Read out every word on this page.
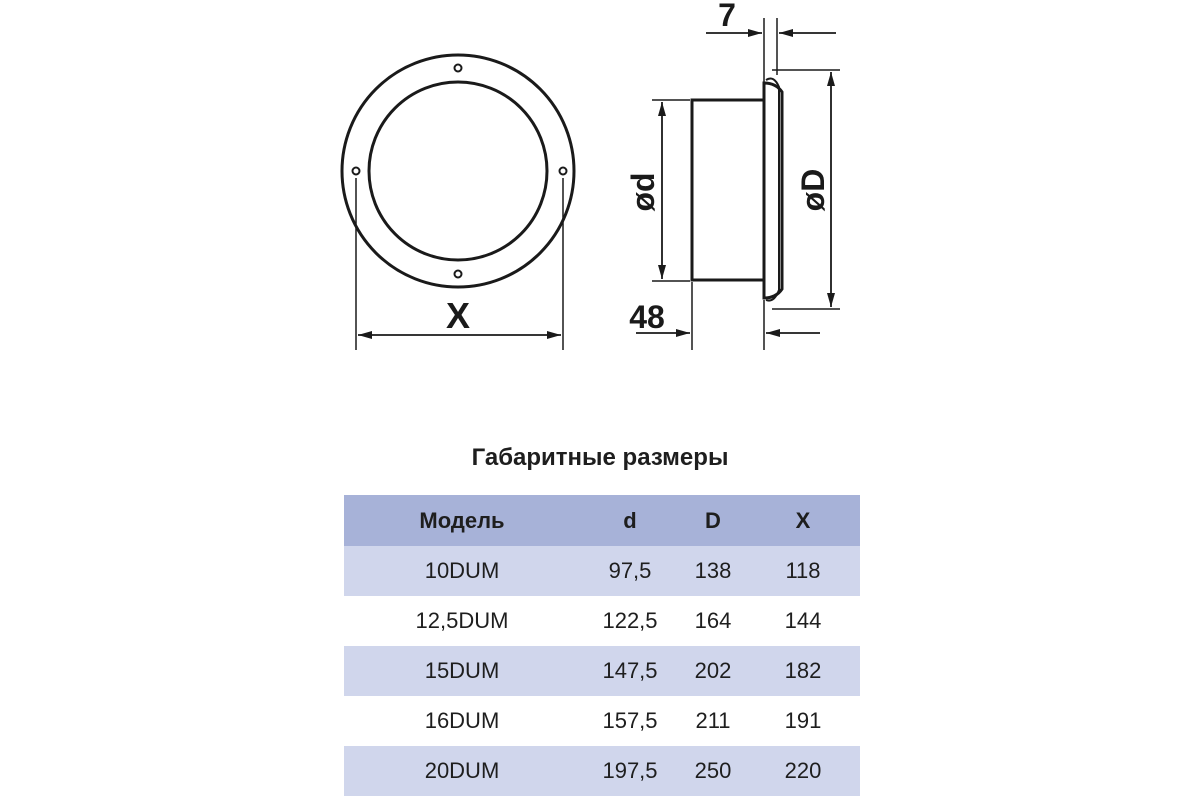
X
7
48
ød	øD
Габаритные размеры
Модель	d	D	X
10DUM	97,5	138	118
12,5DUM	122,5	164	144
15DUM	147,5	202	182
16DUM	157,5	211	191
20DUM	197,5	250	220
